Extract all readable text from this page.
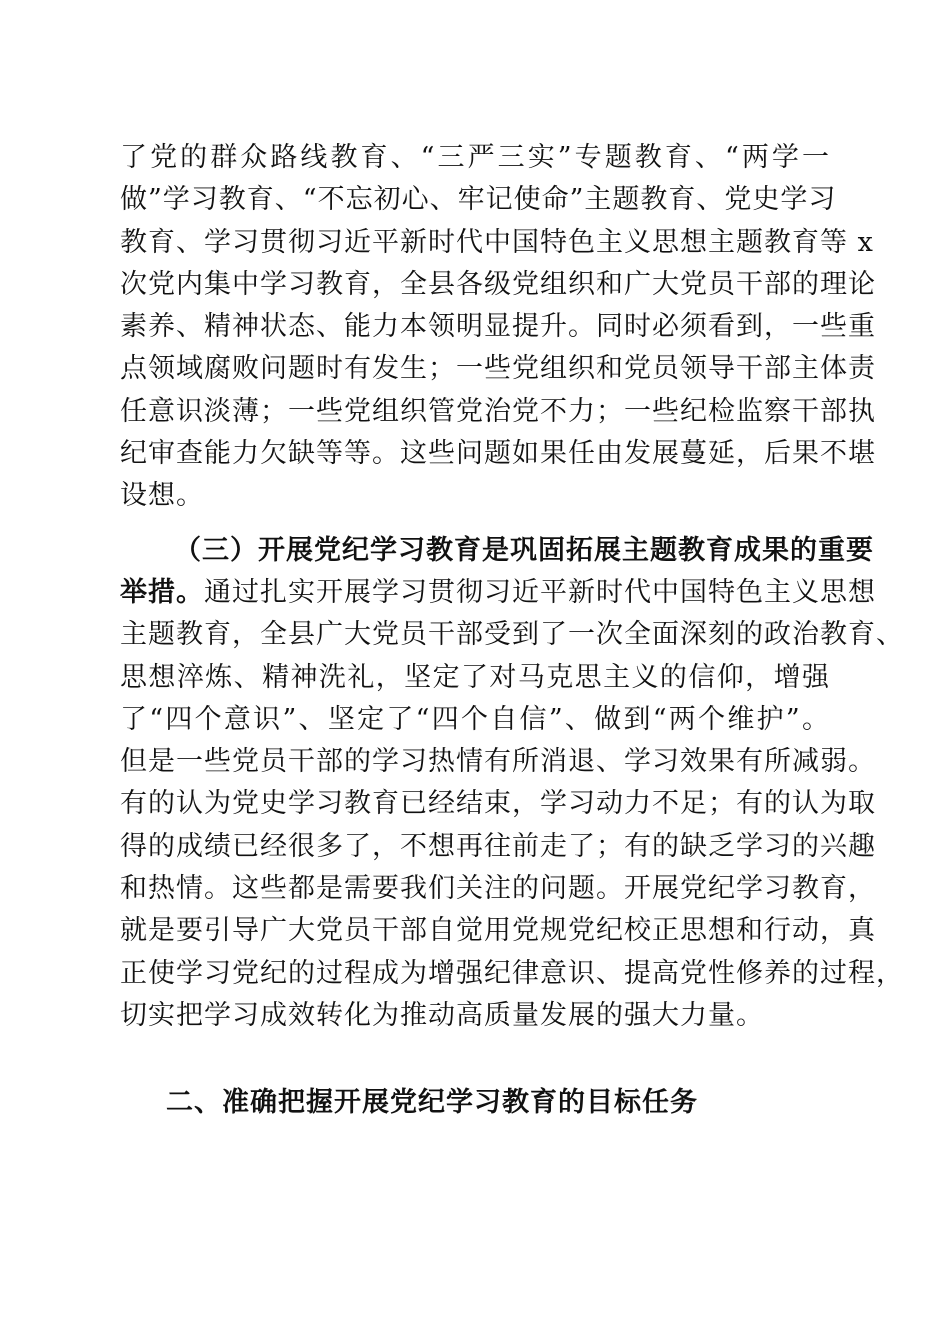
了党的群众路线教育、“三严三实”专题教育、“两学一
做”学习教育、“不忘初心、牢记使命”主题教育、党史学习
教育、学习贯彻习近平新时代中国特色主义思想主题教育等 x
次党内集中学习教育，全县各级党组织和广大党员干部的理论
素养、精神状态、能力本领明显提升。同时必须看到，一些重
点领域腐败问题时有发生；一些党组织和党员领导干部主体责
任意识淡薄；一些党组织管党治党不力；一些纪检监察干部执
纪审查能力欠缺等等。这些问题如果任由发展蔓延，后果不堪
设想。
（三）开展党纪学习教育是巩固拓展主题教育成果的重要
举措。通过扎实开展学习贯彻习近平新时代中国特色主义思想
主题教育，全县广大党员干部受到了一次全面深刻的政治教育、
思想淬炼、精神洗礼，坚定了对马克思主义的信仰，增强
了“四个意识”、坚定了“四个自信”、做到“两个维护”。
但是一些党员干部的学习热情有所消退、学习效果有所减弱。
有的认为党史学习教育已经结束，学习动力不足；有的认为取
得的成绩已经很多了，不想再往前走了；有的缺乏学习的兴趣
和热情。这些都是需要我们关注的问题。开展党纪学习教育，
就是要引导广大党员干部自觉用党规党纪校正思想和行动，真
正使学习党纪的过程成为增强纪律意识、提高党性修养的过程，
切实把学习成效转化为推动高质量发展的强大力量。
二、准确把握开展党纪学习教育的目标任务
